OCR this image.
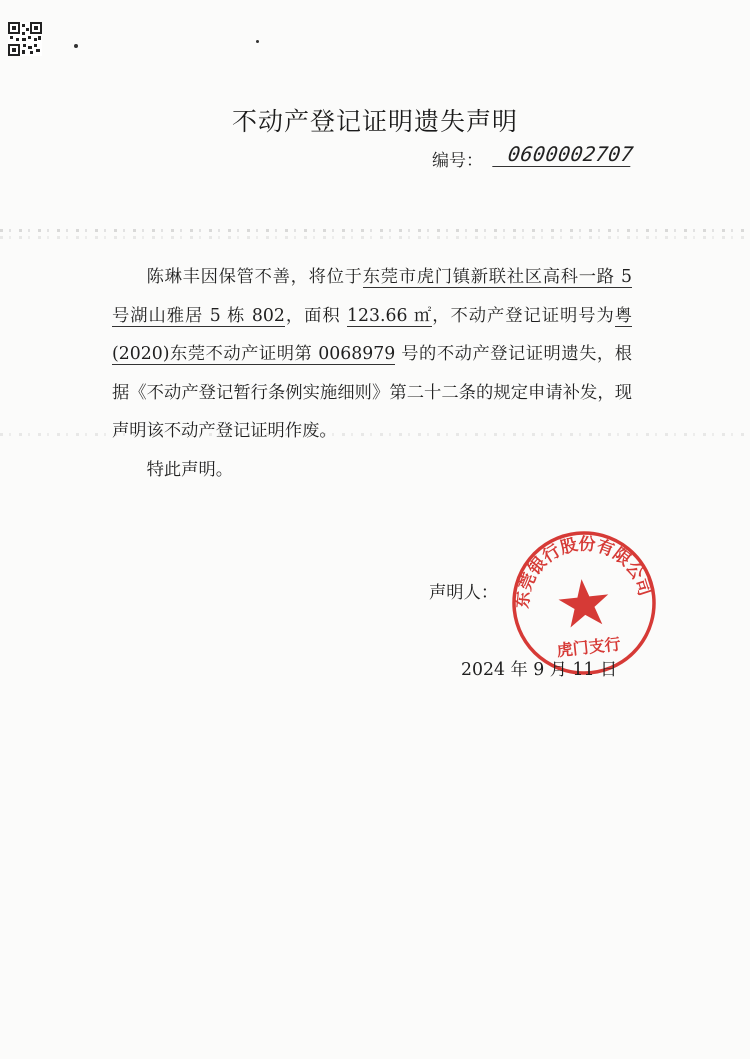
不动产登记证明遗失声明
编号：	0600002707

陈琳丰因保管不善，将位于东莞市虎门镇新联社区高科一路 5 号湖山雅居 5 栋 802，面积 123.66 ㎡，不动产登记证明号为粤(2020)东莞不动产证明第 0068979 号的不动产登记证明遗失，根据《不动产登记暂行条例实施细则》第二十二条的规定申请补发，现声明该不动产登记证明作废。

特此声明。

声明人： 东莞银行股份有限公司
虎门支行
2024 年 9 月 11 日
